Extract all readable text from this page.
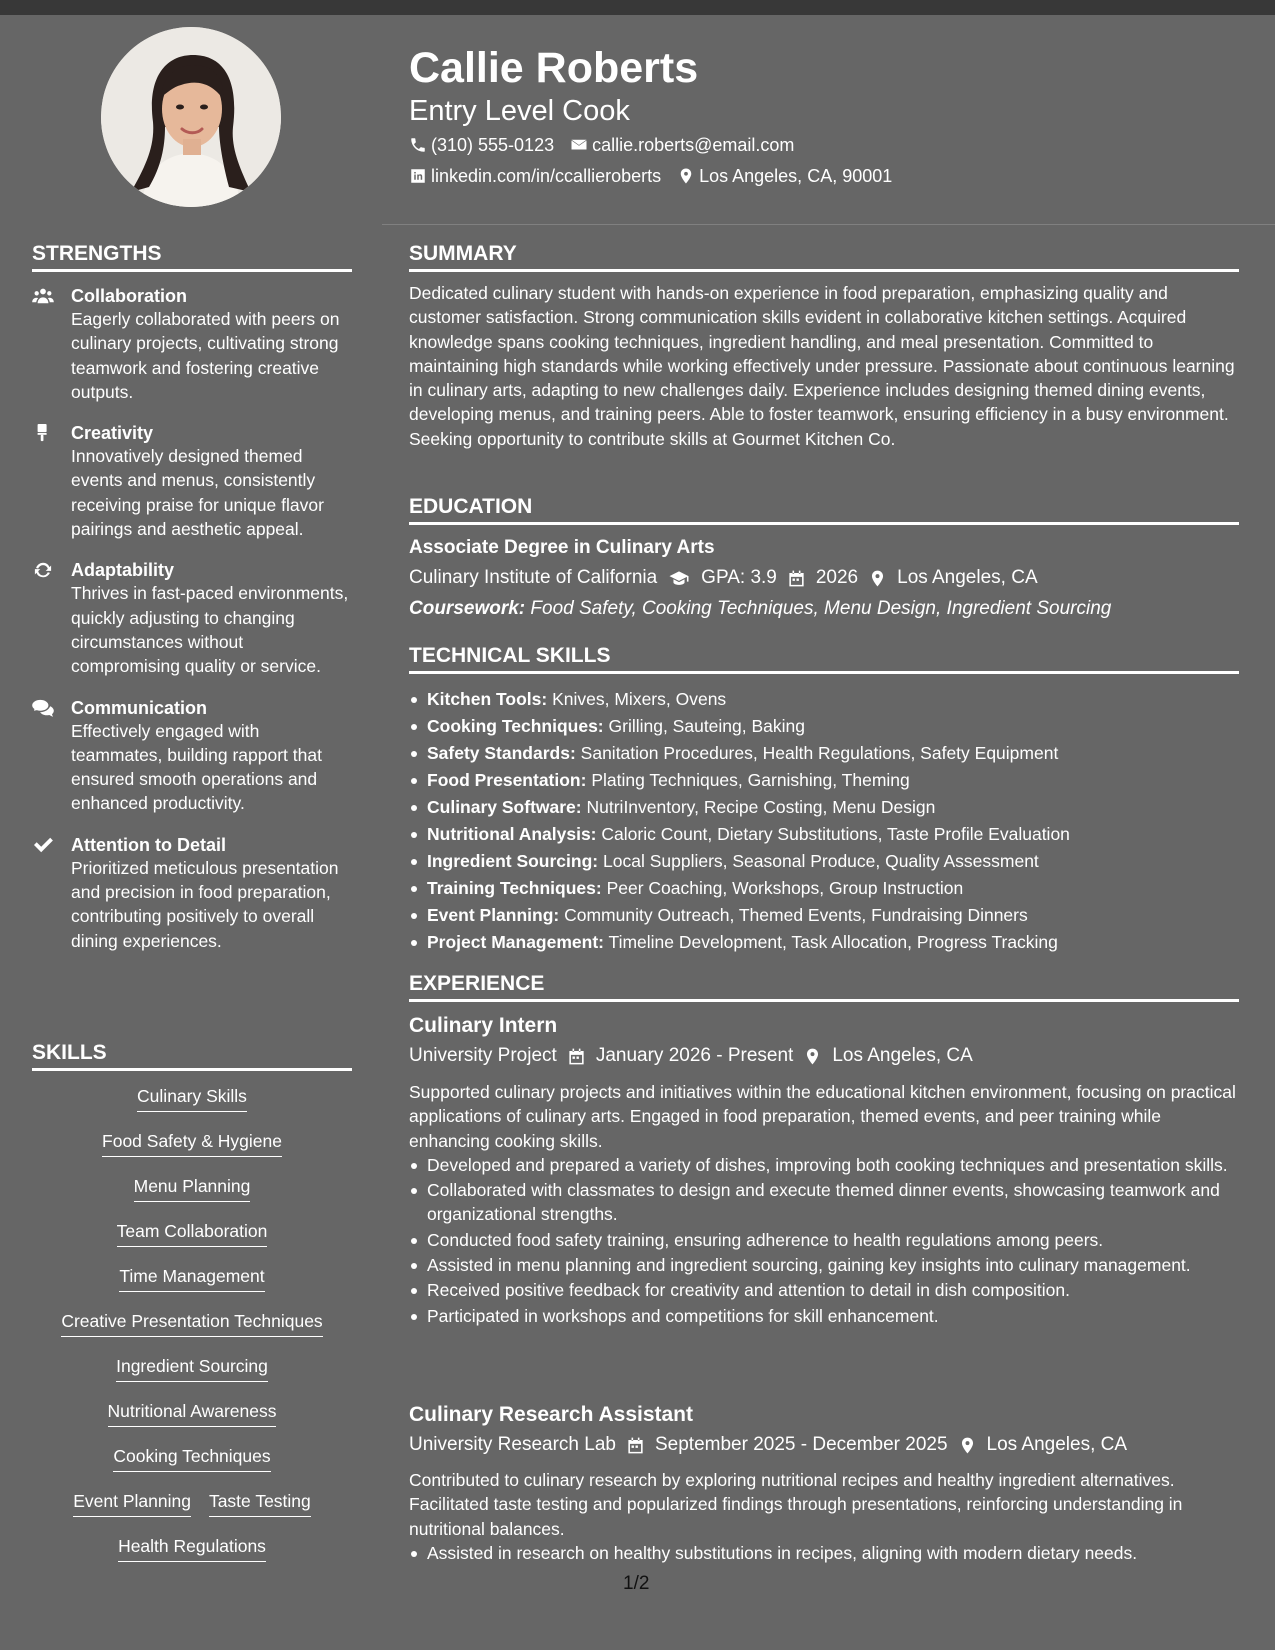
Callie Roberts
Entry Level Cook
(310) 555-0123 callie.roberts@email.com
linkedin.com/in/ccallieroberts Los Angeles, CA, 90001
STRENGTHS
Collaboration
Eagerly collaborated with peers on culinary projects, cultivating strong teamwork and fostering creative outputs.
Creativity
Innovatively designed themed events and menus, consistently receiving praise for unique flavor pairings and aesthetic appeal.
Adaptability
Thrives in fast-paced environments, quickly adjusting to changing circumstances without compromising quality or service.
Communication
Effectively engaged with teammates, building rapport that ensured smooth operations and enhanced productivity.
Attention to Detail
Prioritized meticulous presentation and precision in food preparation, contributing positively to overall dining experiences.
SKILLS
Culinary Skills
Food Safety & Hygiene
Menu Planning
Team Collaboration
Time Management
Creative Presentation Techniques
Ingredient Sourcing
Nutritional Awareness
Cooking Techniques
Event Planning Taste Testing
Health Regulations
SUMMARY
Dedicated culinary student with hands-on experience in food preparation, emphasizing quality and customer satisfaction. Strong communication skills evident in collaborative kitchen settings. Acquired knowledge spans cooking techniques, ingredient handling, and meal presentation. Committed to maintaining high standards while working effectively under pressure. Passionate about continuous learning in culinary arts, adapting to new challenges daily. Experience includes designing themed dining events, developing menus, and training peers. Able to foster teamwork, ensuring efficiency in a busy environment. Seeking opportunity to contribute skills at Gourmet Kitchen Co.
EDUCATION
Associate Degree in Culinary Arts
Culinary Institute of California GPA: 3.9 2026 Los Angeles, CA
Coursework: Food Safety, Cooking Techniques, Menu Design, Ingredient Sourcing
TECHNICAL SKILLS
Kitchen Tools: Knives, Mixers, Ovens
Cooking Techniques: Grilling, Sauteing, Baking
Safety Standards: Sanitation Procedures, Health Regulations, Safety Equipment
Food Presentation: Plating Techniques, Garnishing, Theming
Culinary Software: NutriInventory, Recipe Costing, Menu Design
Nutritional Analysis: Caloric Count, Dietary Substitutions, Taste Profile Evaluation
Ingredient Sourcing: Local Suppliers, Seasonal Produce, Quality Assessment
Training Techniques: Peer Coaching, Workshops, Group Instruction
Event Planning: Community Outreach, Themed Events, Fundraising Dinners
Project Management: Timeline Development, Task Allocation, Progress Tracking
EXPERIENCE
Culinary Intern
University Project January 2026 - Present Los Angeles, CA
Supported culinary projects and initiatives within the educational kitchen environment, focusing on practical applications of culinary arts. Engaged in food preparation, themed events, and peer training while enhancing cooking skills.
Developed and prepared a variety of dishes, improving both cooking techniques and presentation skills.
Collaborated with classmates to design and execute themed dinner events, showcasing teamwork and organizational strengths.
Conducted food safety training, ensuring adherence to health regulations among peers.
Assisted in menu planning and ingredient sourcing, gaining key insights into culinary management.
Received positive feedback for creativity and attention to detail in dish composition.
Participated in workshops and competitions for skill enhancement.
Culinary Research Assistant
University Research Lab September 2025 - December 2025 Los Angeles, CA
Contributed to culinary research by exploring nutritional recipes and healthy ingredient alternatives. Facilitated taste testing and popularized findings through presentations, reinforcing understanding in nutritional balances.
Assisted in research on healthy substitutions in recipes, aligning with modern dietary needs.
1/2
